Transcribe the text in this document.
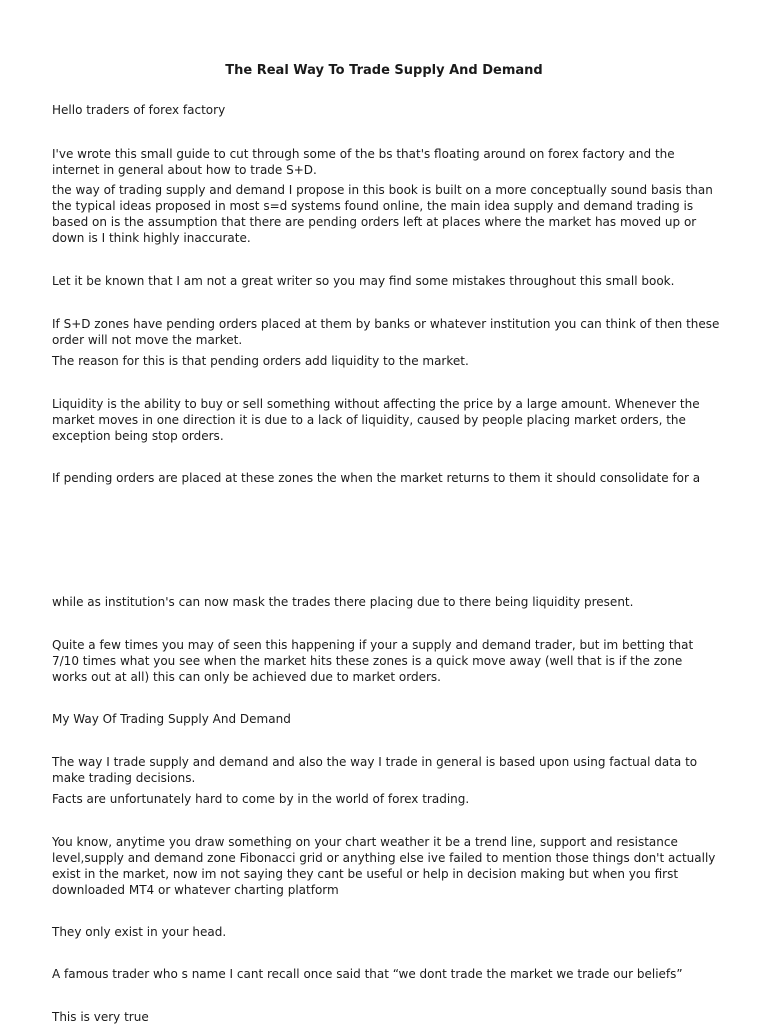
The Real Way To Trade Supply And Demand

Hello traders of forex factory

I've wrote this small guide to cut through some of the bs that's floating around on forex factory and the internet in general about how to trade S+D.

the way of trading supply and demand I propose in this book is built on a more conceptually sound basis than the typical ideas proposed in most s=d systems found online, the main idea supply and demand trading is based on is the assumption that there are pending orders left at places where the market has moved up or down is I think highly inaccurate.

Let it be known that I am not a great writer so you may find some mistakes throughout this small book.

If S+D zones have pending orders placed at them by banks or whatever institution you can think of then these order will not move the market.

The reason for this is that pending orders add liquidity to the market.

Liquidity is the ability to buy or sell something without affecting the price by a large amount. Whenever the market moves in one direction it is due to a lack of liquidity, caused by people placing market orders, the exception being stop orders.

If pending orders are placed at these zones the when the market returns to them it should consolidate for a

while as institution's can now mask the trades there placing due to there being liquidity present.

Quite a few times you may of seen this happening if your a supply and demand trader, but im betting that 7/10 times what you see when the market hits these zones is a quick move away (well that is if the zone works out at all) this can only be achieved due to market orders.

My Way Of Trading Supply And Demand

The way I trade supply and demand and also the way I trade in general is based upon using factual data to make trading decisions.

Facts are unfortunately hard to come by in the world of forex trading.

You know, anytime you draw something on your chart weather it be a trend line, support and resistance level,supply and demand zone Fibonacci grid or anything else ive failed to mention those things don't actually exist in the market, now im not saying they cant be useful or help in decision making but when you first downloaded MT4 or whatever charting platform

They only exist in your head.

A famous trader who s name I cant recall once said that “we dont trade the market we trade our beliefs”

This is very true
